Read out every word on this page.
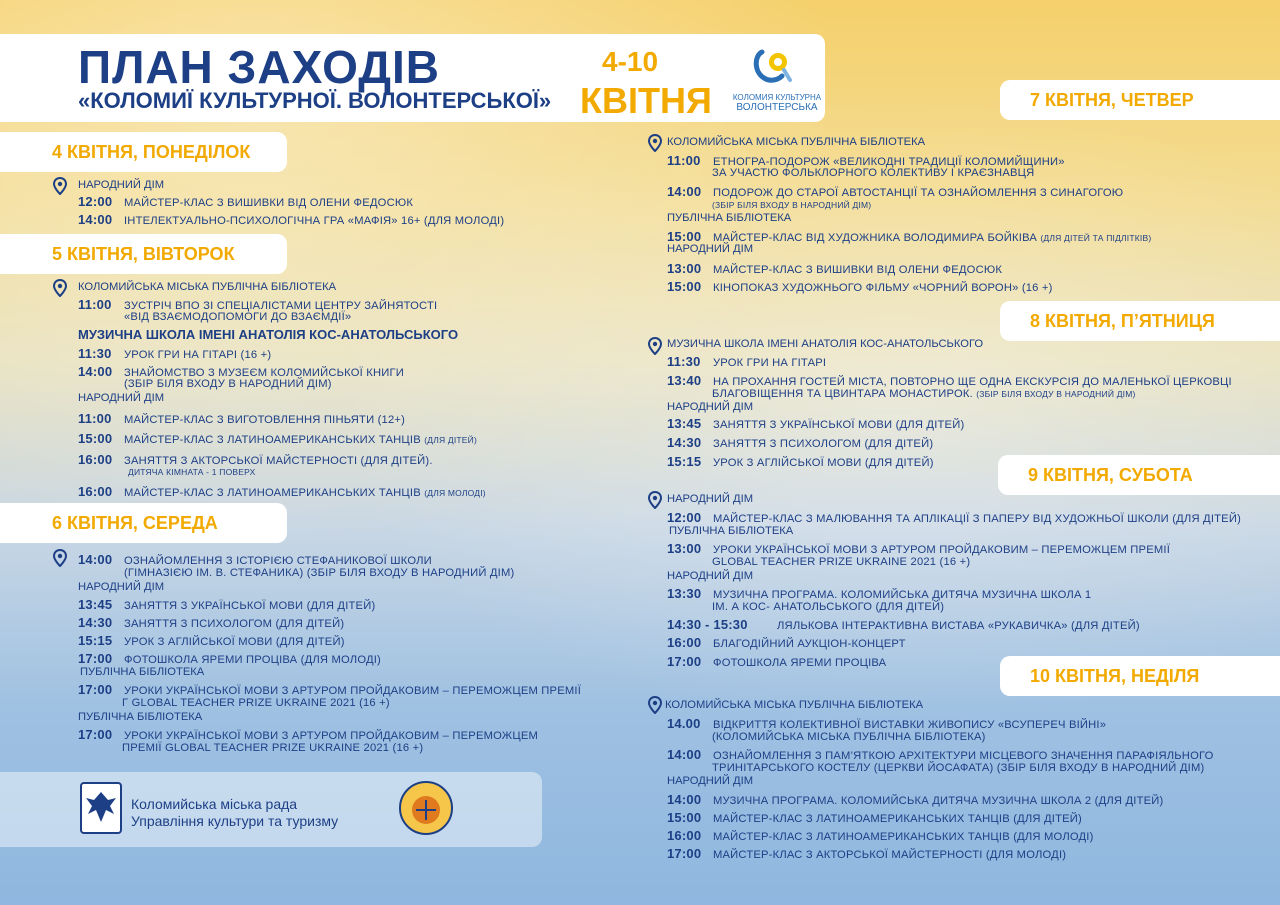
ПЛАН ЗАХОДІВ
«КОЛОМИЇ КУЛЬТУРНОЇ. ВОЛОНТЕРСЬКОЇ»
4-10
КВІТНЯ	КОЛОМИЯ КУЛЬТУРНА
ВОЛОНТЕРСЬКА
4 КВІТНЯ, ПОНЕДІЛОК
НАРОДНИЙ ДІМ
12:00 МАЙСТЕР-КЛАС З ВИШИВКИ ВІД ОЛЕНИ ФЕДОСЮК
14:00 ІНТЕЛЕКТУАЛЬНО-ПСИХОЛОГІЧНА ГРА «МАФІЯ» 16+ (ДЛЯ МОЛОДІ)
5 КВІТНЯ, ВІВТОРОК
КОЛОМИЙСЬКА МІСЬКА ПУБЛІЧНА БІБЛІОТЕКА
11:00 ЗУСТРІЧ ВПО ЗІ СПЕЦІАЛІСТАМИ ЦЕНТРУ ЗАЙНЯТОСТІ
«ВІД ВЗАЄМОДОПОМОГИ ДО ВЗАЄМДІЇ»
МУЗИЧНА ШКОЛА ІМЕНІ АНАТОЛІЯ КОС-АНАТОЛЬСЬКОГО
11:30 УРОК ГРИ НА ГІТАРІ (16 +)
14:00 ЗНАЙОМСТВО З МУЗЕЄМ КОЛОМИЙСЬКОЇ КНИГИ
(ЗБІР БІЛЯ ВХОДУ В НАРОДНИЙ ДІМ)
НАРОДНИЙ ДІМ
11:00 МАЙСТЕР-КЛАС З ВИГОТОВЛЕННЯ ПІНЬЯТИ (12+)
15:00 МАЙСТЕР-КЛАС З ЛАТИНОАМЕРИКАНСЬКИХ ТАНЦІВ (ДЛЯ ДІТЕЙ)
16:00 ЗАНЯТТЯ З АКТОРСЬКОЇ МАЙСТЕРНОСТІ (ДЛЯ ДІТЕЙ).
ДИТЯЧА КІМНАТА - 1 ПОВЕРХ
16:00 МАЙСТЕР-КЛАС З ЛАТИНОАМЕРИКАНСЬКИХ ТАНЦІВ (ДЛЯ МОЛОДІ)
6 КВІТНЯ, СЕРЕДА
14:00 ОЗНАЙОМЛЕННЯ З ІСТОРІЄЮ СТЕФАНИКОВОЇ ШКОЛИ
(ГІМНАЗІЄЮ ІМ. В. СТЕФАНИКА) (ЗБІР БІЛЯ ВХОДУ В НАРОДНИЙ ДІМ)
НАРОДНИЙ ДІМ
13:45 ЗАНЯТТЯ З УКРАЇНСЬКОЇ МОВИ (ДЛЯ ДІТЕЙ)
14:30 ЗАНЯТТЯ З ПСИХОЛОГОМ (ДЛЯ ДІТЕЙ)
15:15 УРОК З АГЛІЙСЬКОЇ МОВИ (ДЛЯ ДІТЕЙ)
17:00 ФОТОШКОЛА ЯРЕМИ ПРОЦІВА (ДЛЯ МОЛОДІ)
ПУБЛІЧНА БІБЛІОТЕКА
17:00 УРОКИ УКРАЇНСЬКОЇ МОВИ З АРТУРОМ ПРОЙДАКОВИМ – ПЕРЕМОЖЦЕМ ПРЕМІЇ
Г GLOBAL TEACHER PRIZE UKRAINE 2021 (16 +)
ПУБЛІЧНА БІБЛІОТЕКА
17:00 УРОКИ УКРАЇНСЬКОЇ МОВИ З АРТУРОМ ПРОЙДАКОВИМ – ПЕРЕМОЖЦЕМ
ПРЕМІЇ GLOBAL TEACHER PRIZE UKRAINE 2021 (16 +)
Коломийська міська рада
Управління культури та туризму
7 КВІТНЯ, ЧЕТВЕР
КОЛОМИЙСЬКА МІСЬКА ПУБЛІЧНА БІБЛІОТЕКА
11:00 ЕТНОГРА-ПОДОРОЖ «ВЕЛИКОДНІ ТРАДИЦІЇ КОЛОМИЙЩИНИ»
ЗА УЧАСТЮ ФОЛЬКЛОРНОГО КОЛЕКТИВУ І КРАЄЗНАВЦЯ
14:00 ПОДОРОЖ ДО СТАРОЇ АВТОСТАНЦІЇ ТА ОЗНАЙОМЛЕННЯ З СИНАГОГОЮ
(ЗБІР БІЛЯ ВХОДУ В НАРОДНИЙ ДІМ)
ПУБЛІЧНА БІБЛІОТЕКА
15:00 МАЙСТЕР-КЛАС ВІД ХУДОЖНИКА ВОЛОДИМИРА БОЙКІВА (ДЛЯ ДІТЕЙ ТА ПІДЛІТКІВ)
НАРОДНИЙ ДІМ
13:00 МАЙСТЕР-КЛАС З ВИШИВКИ ВІД ОЛЕНИ ФЕДОСЮК
15:00 КІНОПОКАЗ ХУДОЖНЬОГО ФІЛЬМУ «ЧОРНИЙ ВОРОН» (16 +)
8 КВІТНЯ, П’ЯТНИЦЯ
МУЗИЧНА ШКОЛА ІМЕНІ АНАТОЛІЯ КОС-АНАТОЛЬСЬКОГО
11:30 УРОК ГРИ НА ГІТАРІ
13:40 НА ПРОХАННЯ ГОСТЕЙ МІСТА, ПОВТОРНО ЩЕ ОДНА ЕКСКУРСІЯ ДО МАЛЕНЬКОЇ ЦЕРКОВЦІ
БЛАГОВІЩЕННЯ ТА ЦВИНТАРА МОНАСТИРОК. (ЗБІР БІЛЯ ВХОДУ В НАРОДНИЙ ДІМ)
НАРОДНИЙ ДІМ
13:45 ЗАНЯТТЯ З УКРАЇНСЬКОЇ МОВИ (ДЛЯ ДІТЕЙ)
14:30 ЗАНЯТТЯ З ПСИХОЛОГОМ (ДЛЯ ДІТЕЙ)
15:15 УРОК З АГЛІЙСЬКОЇ МОВИ (ДЛЯ ДІТЕЙ)
9 КВІТНЯ, СУБОТА
НАРОДНИЙ ДІМ
12:00 МАЙСТЕР-КЛАС З МАЛЮВАННЯ ТА АПЛІКАЦІЇ З ПАПЕРУ ВІД ХУДОЖНЬОЇ ШКОЛИ (ДЛЯ ДІТЕЙ)
ПУБЛІЧНА БІБЛІОТЕКА
13:00 УРОКИ УКРАЇНСЬКОЇ МОВИ З АРТУРОМ ПРОЙДАКОВИМ – ПЕРЕМОЖЦЕМ ПРЕМІЇ
GLOBAL TEACHER PRIZE UKRAINE 2021 (16 +)
НАРОДНИЙ ДІМ
13:30 МУЗИЧНА ПРОГРАМА. КОЛОМИЙСЬКА ДИТЯЧА МУЗИЧНА ШКОЛА 1
ІМ. А КОС- АНАТОЛЬСЬКОГО (ДЛЯ ДІТЕЙ)
14:30 - 15:30	ЛЯЛЬКОВА ІНТЕРАКТИВНА ВИСТАВА «РУКАВИЧКА» (ДЛЯ ДІТЕЙ)
16:00 БЛАГОДІЙНИЙ АУКЦІОН-КОНЦЕРТ
17:00 ФОТОШКОЛА ЯРЕМИ ПРОЦІВА
10 КВІТНЯ, НЕДІЛЯ
КОЛОМИЙСЬКА МІСЬКА ПУБЛІЧНА БІБЛІОТЕКА
14.00 ВІДКРИТТЯ КОЛЕКТИВНОЇ ВИСТАВКИ ЖИВОПИСУ «ВСУПЕРЕЧ ВІЙНІ»
(КОЛОМИЙСЬКА МІСЬКА ПУБЛІЧНА БІБЛІОТЕКА)
14:00 ОЗНАЙОМЛЕННЯ З ПАМ’ЯТКОЮ АРХІТЕКТУРИ МІСЦЕВОГО ЗНАЧЕННЯ ПАРАФІЯЛЬНОГО
ТРИНІТАРСЬКОГО КОСТЕЛУ (ЦЕРКВИ ЙОСАФАТА) (ЗБІР БІЛЯ ВХОДУ В НАРОДНИЙ ДІМ)
НАРОДНИЙ ДІМ
14:00 МУЗИЧНА ПРОГРАМА. КОЛОМИЙСЬКА ДИТЯЧА МУЗИЧНА ШКОЛА 2 (ДЛЯ ДІТЕЙ)
15:00 МАЙСТЕР-КЛАС З ЛАТИНОАМЕРИКАНСЬКИХ ТАНЦІВ (ДЛЯ ДІТЕЙ)
16:00 МАЙСТЕР-КЛАС З ЛАТИНОАМЕРИКАНСЬКИХ ТАНЦІВ (ДЛЯ МОЛОДІ)
17:00 МАЙСТЕР-КЛАС З АКТОРСЬКОЇ МАЙСТЕРНОСТІ (ДЛЯ МОЛОДІ)
